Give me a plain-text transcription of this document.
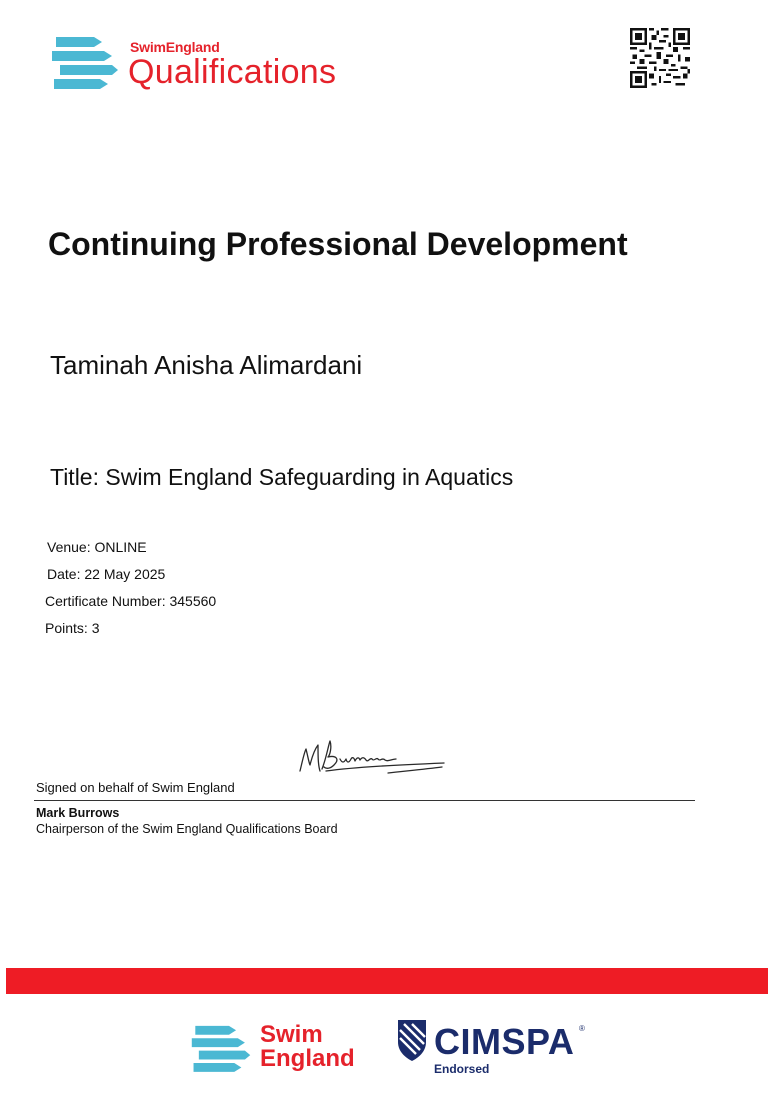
SwimEngland
Qualifications
Continuing Professional Development
Taminah Anisha Alimardani
Title: Swim England Safeguarding in Aquatics
Venue: ONLINE
Date: 22 May 2025
Certificate Number: 345560
Points: 3
Signed on behalf of Swim England
Mark Burrows
Chairperson of the Swim England Qualifications Board
Swim
England CIMSPA ®
Endorsed
